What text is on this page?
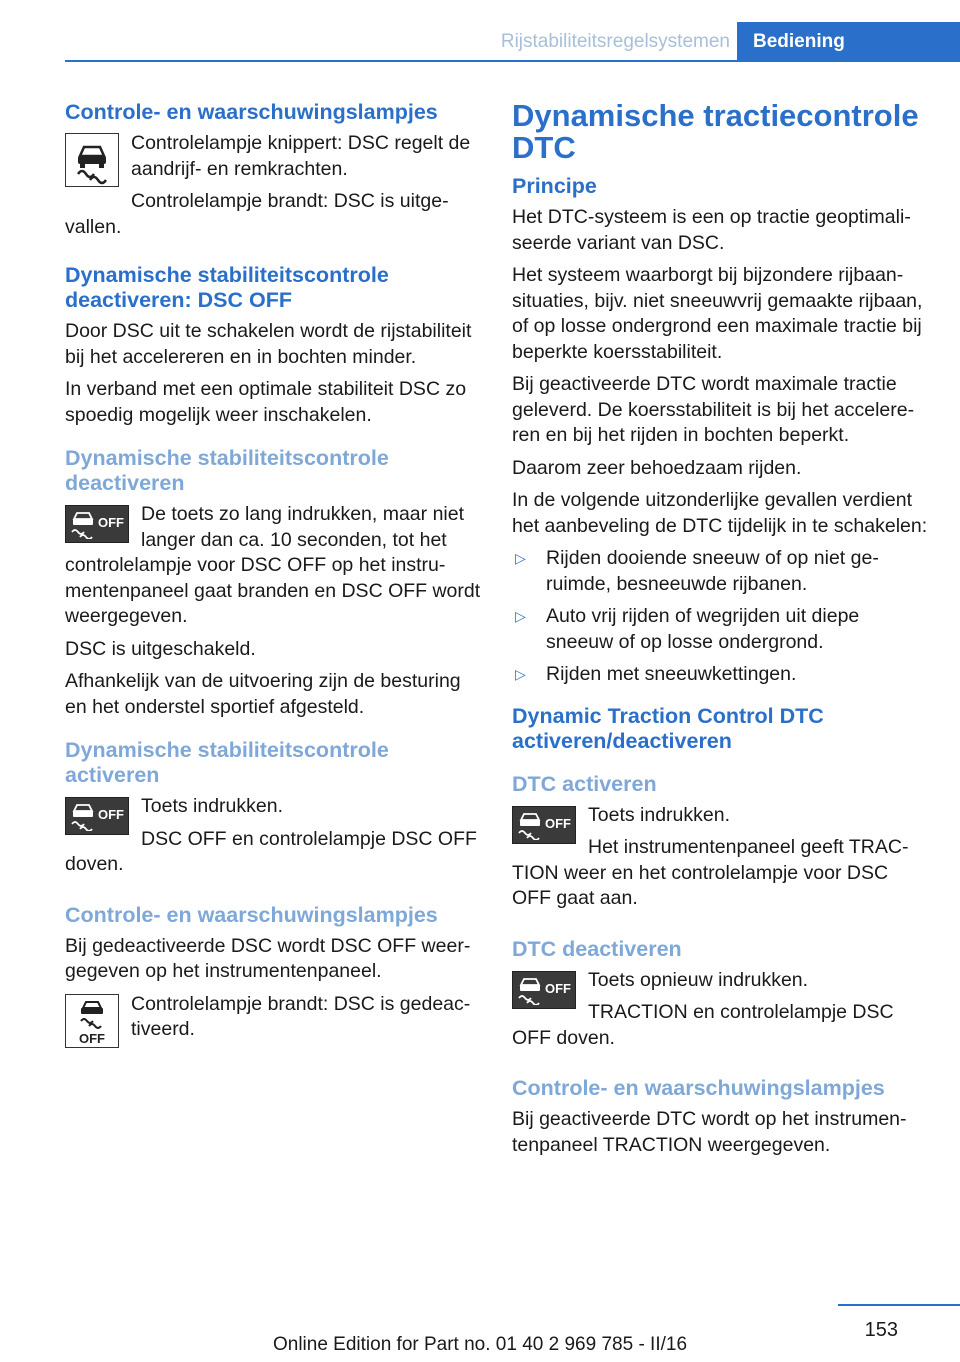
Rijstabiliteitsregelsystemen	Bediening
Controle- en waarschuwingslampjes

Controlelampje knippert: DSC regelt de aandrijf- en remkrachten.

Controlelampje brandt: DSC is uitgevallen.

Dynamische stabiliteitscontrole deactiveren: DSC OFF

Door DSC uit te schakelen wordt de rijstabiliteit bij het accelereren en in bochten minder.

In verband met een optimale stabiliteit DSC zo spoedig mogelijk weer inschakelen.

Dynamische stabiliteitscontrole deactiveren
OFF De toets zo lang indrukken, maar niet langer dan ca. 10 seconden, tot het controlelampje voor DSC OFF op het instrumentenpaneel gaat branden en DSC OFF wordt weergegeven.

DSC is uitgeschakeld.

Afhankelijk van de uitvoering zijn de besturing en het onderstel sportief afgesteld.

Dynamische stabiliteitscontrole activeren
OFF Toets indrukken.

DSC OFF en controlelampje DSC OFF doven.

Controle- en waarschuwingslampjes

Bij gedeactiveerde DSC wordt DSC OFF weergegeven op het instrumentenpaneel.

OFF

Controlelampje brandt: DSC is gedeactiveerd.

Dynamische tractiecontrole DTC
Principe

Het DTC-systeem is een op tractie geoptimaliseerde variant van DSC.

Het systeem waarborgt bij bijzondere rijbaansituaties, bijv. niet sneeuwvrij gemaakte rijbaan, of op losse ondergrond een maximale tractie bij beperkte koersstabiliteit.

Bij geactiveerde DTC wordt maximale tractie geleverd. De koersstabiliteit is bij het accelereren en bij het rijden in bochten beperkt.

Daarom zeer behoedzaam rijden.

In de volgende uitzonderlijke gevallen verdient het aanbeveling de DTC tijdelijk in te schakelen:

▷ Rijden dooiende sneeuw of op niet geruimde, besneeuwde rijbanen.
▷ Auto vrij rijden of wegrijden uit diepe sneeuw of op losse ondergrond.
▷ Rijden met sneeuwkettingen.
Dynamic Traction Control DTC activeren/deactiveren
DTC activeren
OFF Toets indrukken.

Het instrumentenpaneel geeft TRACTION weer en het controlelampje voor DSC OFF gaat aan.

DTC deactiveren
OFF Toets opnieuw indrukken.

TRACTION en controlelampje DSC OFF doven.

Controle- en waarschuwingslampjes

Bij geactiveerde DTC wordt op het instrumentenpaneel TRACTION weergegeven.

153
Online Edition for Part no. 01 40 2 969 785 - II/16
